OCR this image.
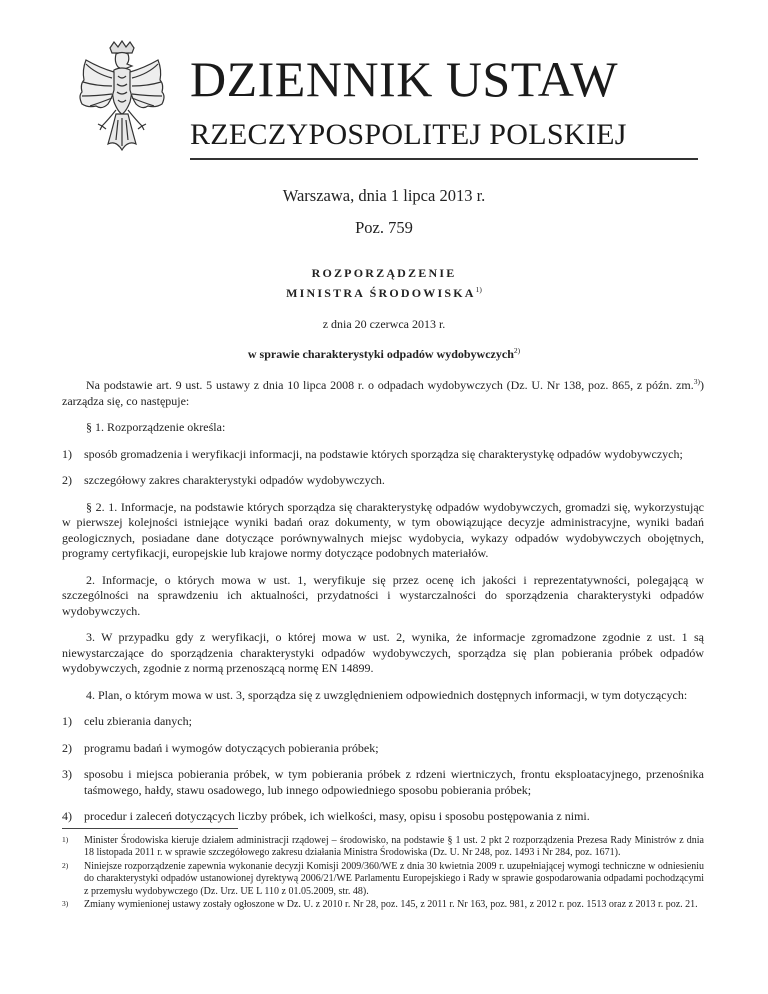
DZIENNIK USTAW
RZECZYPOSPOLITEJ POLSKIEJ
Warszawa, dnia 1 lipca 2013 r.
Poz. 759
ROZPORZĄDZENIE
MINISTRA ŚRODOWISKA$^{1)}$
z dnia 20 czerwca 2013 r.
w sprawie charakterystyki odpadów wydobywczych$^{2)}$

Na podstawie art. 9 ust. 5 ustawy z dnia 10 lipca 2008 r. o odpadach wydobywczych (Dz. U. Nr 138, poz. 865, z późn. zm.$^{3)}$) zarządza się, co następuje:

§ 1. Rozporządzenie określa:

1)	sposób gromadzenia i weryfikacji informacji, na podstawie których sporządza się charakterystykę odpadów wydobywczych;
2)	szczegółowy zakres charakterystyki odpadów wydobywczych.

§ 2. 1. Informacje, na podstawie których sporządza się charakterystykę odpadów wydobywczych, gromadzi się, wykorzystując w pierwszej kolejności istniejące wyniki badań oraz dokumenty, w tym obowiązujące decyzje administracyjne, wyniki badań geologicznych, posiadane dane dotyczące porównywalnych miejsc wydobycia, wykazy odpadów wydobywczych obojętnych, programy certyfikacji, europejskie lub krajowe normy dotyczące podobnych materiałów.

2. Informacje, o których mowa w ust. 1, weryfikuje się przez ocenę ich jakości i reprezentatywności, polegającą w szczególności na sprawdzeniu ich aktualności, przydatności i wystarczalności do sporządzenia charakterystyki odpadów wydobywczych.

3. W przypadku gdy z weryfikacji, o której mowa w ust. 2, wynika, że informacje zgromadzone zgodnie z ust. 1 są niewystarczające do sporządzenia charakterystyki odpadów wydobywczych, sporządza się plan pobierania próbek odpadów wydobywczych, zgodnie z normą przenoszącą normę EN 14899.

4. Plan, o którym mowa w ust. 3, sporządza się z uwzględnieniem odpowiednich dostępnych informacji, w tym dotyczących:

1)	celu zbierania danych;
2)	programu badań i wymogów dotyczących pobierania próbek;
3)	sposobu i miejsca pobierania próbek, w tym pobierania próbek z rdzeni wiertniczych, frontu eksploatacyjnego, przenośnika taśmowego, hałdy, stawu osadowego, lub innego odpowiedniego sposobu pobierania próbek;
4)	procedur i zaleceń dotyczących liczby próbek, ich wielkości, masy, opisu i sposobu postępowania z nimi.
1)	Minister Środowiska kieruje działem administracji rządowej – środowisko, na podstawie § 1 ust. 2 pkt 2 rozporządzenia Prezesa Rady Ministrów z dnia 18 listopada 2011 r. w sprawie szczegółowego zakresu działania Ministra Środowiska (Dz. U. Nr 248, poz. 1493 i Nr 284, poz. 1671).
2)	Niniejsze rozporządzenie zapewnia wykonanie decyzji Komisji 2009/360/WE z dnia 30 kwietnia 2009 r. uzupełniającej wymogi techniczne w odniesieniu do charakterystyki odpadów ustanowionej dyrektywą 2006/21/WE Parlamentu Europejskiego i Rady w sprawie gospodarowania odpadami pochodzącymi z przemysłu wydobywczego (Dz. Urz. UE L 110 z 01.05.2009, str. 48).
3)	Zmiany wymienionej ustawy zostały ogłoszone w Dz. U. z 2010 r. Nr 28, poz. 145, z 2011 r. Nr 163, poz. 981, z 2012 r. poz. 1513 oraz z 2013 r. poz. 21.
